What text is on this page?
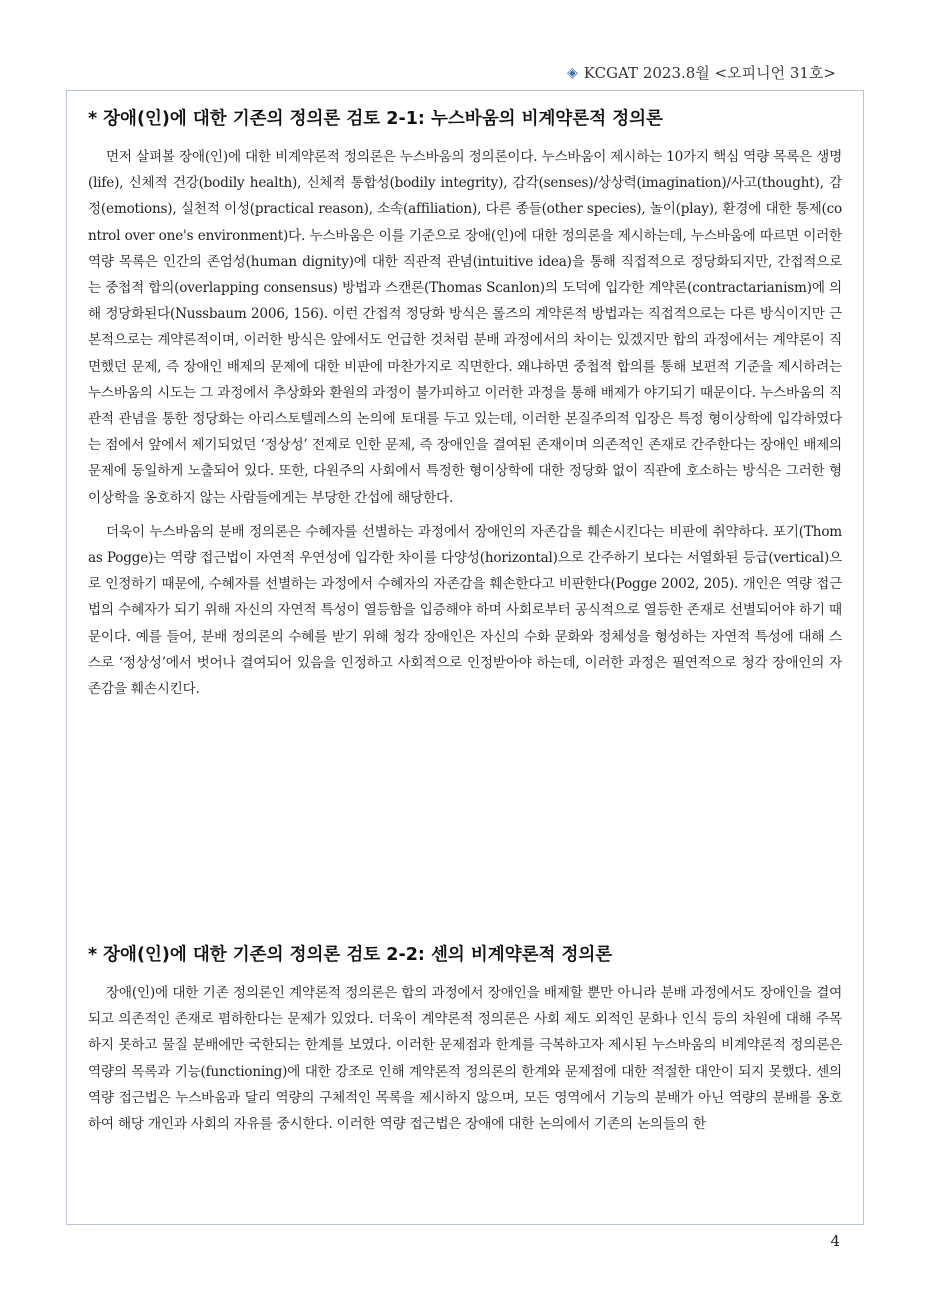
◈ KCGAT 2023.8월 <오피니언 31호>
* 장애(인)에 대한 기존의 정의론 검토 2-1: 누스바움의 비계약론적 정의론

먼저 살펴볼 장애(인)에 대한 비계약론적 정의론은 누스바움의 정의론이다. 누스바움이 제시하는 10가지 핵심 역량 목록은 생명(life), 신체적 건강(bodily health), 신체적 통합성(bodily integrity), 감각(senses)/상상력(imagination)/사고(thought), 감정(emotions), 실천적 이성(practical reason), 소속(affiliation), 다른 종들(other species), 놀이(play), 환경에 대한 통제(control over one's environment)다. 누스바움은 이를 기준으로 장애(인)에 대한 정의론을 제시하는데, 누스바움에 따르면 이러한 역량 목록은 인간의 존엄성(human dignity)에 대한 직관적 관념(intuitive idea)을 통해 직접적으로 정당화되지만, 간접적으로는 중첩적 합의(overlapping consensus) 방법과 스캔론(Thomas Scanlon)의 도덕에 입각한 계약론(contractarianism)에 의해 정당화된다(Nussbaum 2006, 156). 이런 간접적 정당화 방식은 롤즈의 계약론적 방법과는 직접적으로는 다른 방식이지만 근본적으로는 계약론적이며, 이러한 방식은 앞에서도 언급한 것처럼 분배 과정에서의 차이는 있겠지만 합의 과정에서는 계약론이 직면했던 문제, 즉 장애인 배제의 문제에 대한 비판에 마찬가지로 직면한다. 왜냐하면 중첩적 합의를 통해 보편적 기준을 제시하려는 누스바움의 시도는 그 과정에서 추상화와 환원의 과정이 불가피하고 이러한 과정을 통해 배제가 야기되기 때문이다. 누스바움의 직관적 관념을 통한 정당화는 아리스토텔레스의 논의에 토대를 두고 있는데, 이러한 본질주의적 입장은 특정 형이상학에 입각하였다는 점에서 앞에서 제기되었던 ‘정상성’ 전제로 인한 문제, 즉 장애인을 결여된 존재이며 의존적인 존재로 간주한다는 장애인 배제의 문제에 동일하게 노출되어 있다. 또한, 다원주의 사회에서 특정한 형이상학에 대한 정당화 없이 직관에 호소하는 방식은 그러한 형이상학을 옹호하지 않는 사람들에게는 부당한 간섭에 해당한다.

더욱이 누스바움의 분배 정의론은 수혜자를 선별하는 과정에서 장애인의 자존감을 훼손시킨다는 비판에 취약하다. 포기(Thomas Pogge)는 역량 접근법이 자연적 우연성에 입각한 차이를 다양성(horizontal)으로 간주하기 보다는 서열화된 등급(vertical)으로 인정하기 때문에, 수혜자를 선별하는 과정에서 수혜자의 자존감을 훼손한다고 비판한다(Pogge 2002, 205). 개인은 역량 접근법의 수혜자가 되기 위해 자신의 자연적 특성이 열등함을 입증해야 하며 사회로부터 공식적으로 열등한 존재로 선별되어야 하기 때문이다. 예를 들어, 분배 정의론의 수혜를 받기 위해 청각 장애인은 자신의 수화 문화와 정체성을 형성하는 자연적 특성에 대해 스스로 ‘정상성’에서 벗어나 결여되어 있음을 인정하고 사회적으로 인정받아야 하는데, 이러한 과정은 필연적으로 청각 장애인의 자존감을 훼손시킨다.

* 장애(인)에 대한 기존의 정의론 검토 2-2: 센의 비계약론적 정의론

장애(인)에 대한 기존 정의론인 계약론적 정의론은 합의 과정에서 장애인을 배제할 뿐만 아니라 분배 과정에서도 장애인을 결여되고 의존적인 존재로 폄하한다는 문제가 있었다. 더욱이 계약론적 정의론은 사회 제도 외적인 문화나 인식 등의 차원에 대해 주목하지 못하고 물질 분배에만 국한되는 한계를 보였다. 이러한 문제점과 한계를 극복하고자 제시된 누스바움의 비계약론적 정의론은 역량의 목록과 기능(functioning)에 대한 강조로 인해 계약론적 정의론의 한계와 문제점에 대한 적절한 대안이 되지 못했다. 센의 역량 접근법은 누스바움과 달리 역량의 구체적인 목록을 제시하지 않으며, 모든 영역에서 기능의 분배가 아닌 역량의 분배를 옹호하여 해당 개인과 사회의 자유를 중시한다. 이러한 역량 접근법은 장애에 대한 논의에서 기존의 논의들의 한

4
